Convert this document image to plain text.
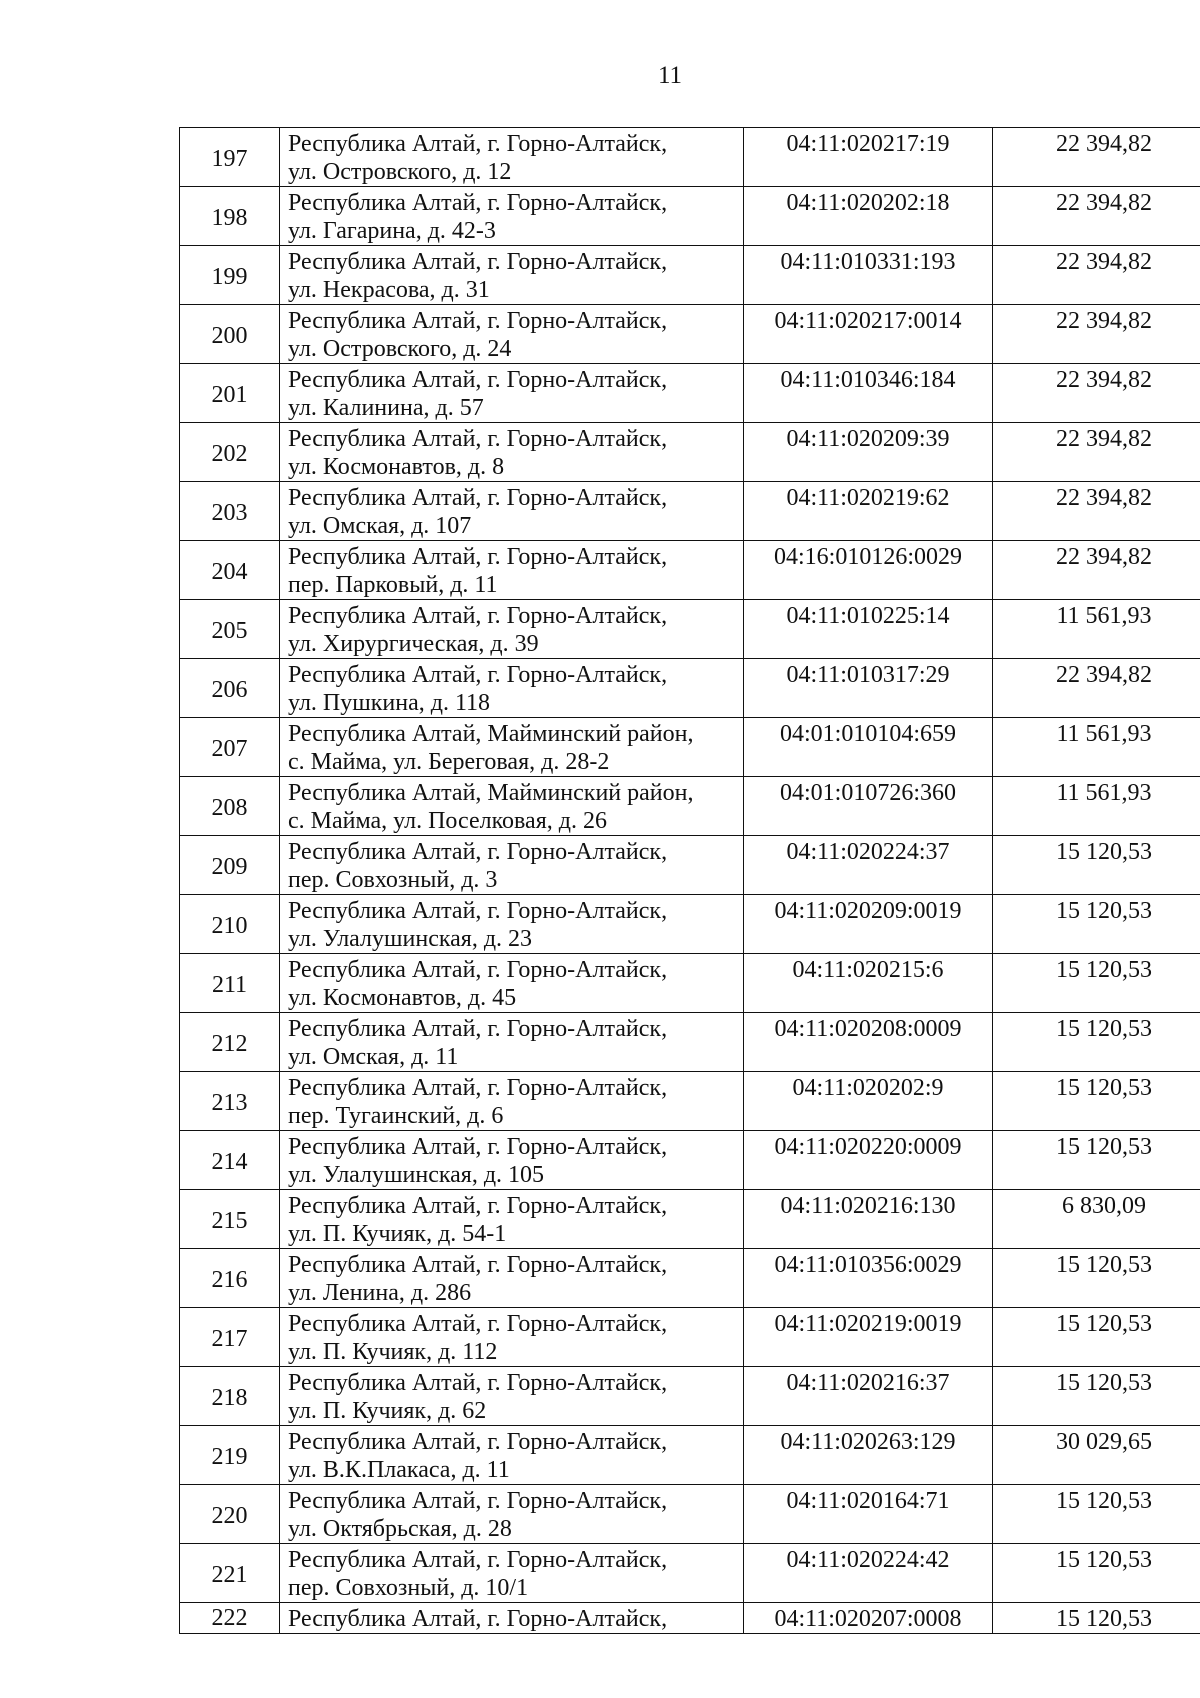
11
197	Республика Алтай, г. Горно-Алтайск,
ул. Островского, д. 12	04:11:020217:19	22 394,82
198	Республика Алтай, г. Горно-Алтайск,
ул. Гагарина, д. 42-3	04:11:020202:18	22 394,82
199	Республика Алтай, г. Горно-Алтайск,
ул. Некрасова, д. 31	04:11:010331:193	22 394,82
200	Республика Алтай, г. Горно-Алтайск,
ул. Островского, д. 24	04:11:020217:0014	22 394,82
201	Республика Алтай, г. Горно-Алтайск,
ул. Калинина, д. 57	04:11:010346:184	22 394,82
202	Республика Алтай, г. Горно-Алтайск,
ул. Космонавтов, д. 8	04:11:020209:39	22 394,82
203	Республика Алтай, г. Горно-Алтайск,
ул. Омская, д. 107	04:11:020219:62	22 394,82
204	Республика Алтай, г. Горно-Алтайск,
пер. Парковый, д. 11	04:16:010126:0029	22 394,82
205	Республика Алтай, г. Горно-Алтайск,
ул. Хирургическая, д. 39	04:11:010225:14	11 561,93
206	Республика Алтай, г. Горно-Алтайск,
ул. Пушкина, д. 118	04:11:010317:29	22 394,82
207	Республика Алтай, Майминский район,
с. Майма, ул. Береговая, д. 28-2	04:01:010104:659	11 561,93
208	Республика Алтай, Майминский район,
с. Майма, ул. Поселковая, д. 26	04:01:010726:360	11 561,93
209	Республика Алтай, г. Горно-Алтайск,
пер. Совхозный, д. 3	04:11:020224:37	15 120,53
210	Республика Алтай, г. Горно-Алтайск,
ул. Улалушинская, д. 23	04:11:020209:0019	15 120,53
211	Республика Алтай, г. Горно-Алтайск,
ул. Космонавтов, д. 45	04:11:020215:6	15 120,53
212	Республика Алтай, г. Горно-Алтайск,
ул. Омская, д. 11	04:11:020208:0009	15 120,53
213	Республика Алтай, г. Горно-Алтайск,
пер. Тугаинский, д. 6	04:11:020202:9	15 120,53
214	Республика Алтай, г. Горно-Алтайск,
ул. Улалушинская, д. 105	04:11:020220:0009	15 120,53
215	Республика Алтай, г. Горно-Алтайск,
ул. П. Кучияк, д. 54-1	04:11:020216:130	6 830,09
216	Республика Алтай, г. Горно-Алтайск,
ул. Ленина, д. 286	04:11:010356:0029	15 120,53
217	Республика Алтай, г. Горно-Алтайск,
ул. П. Кучияк, д. 112	04:11:020219:0019	15 120,53
218	Республика Алтай, г. Горно-Алтайск,
ул. П. Кучияк, д. 62	04:11:020216:37	15 120,53
219	Республика Алтай, г. Горно-Алтайск,
ул. В.К.Плакаса, д. 11	04:11:020263:129	30 029,65
220	Республика Алтай, г. Горно-Алтайск,
ул. Октябрьская, д. 28	04:11:020164:71	15 120,53
221	Республика Алтай, г. Горно-Алтайск,
пер. Совхозный, д. 10/1	04:11:020224:42	15 120,53
222	Республика Алтай, г. Горно-Алтайск,	04:11:020207:0008	15 120,53
